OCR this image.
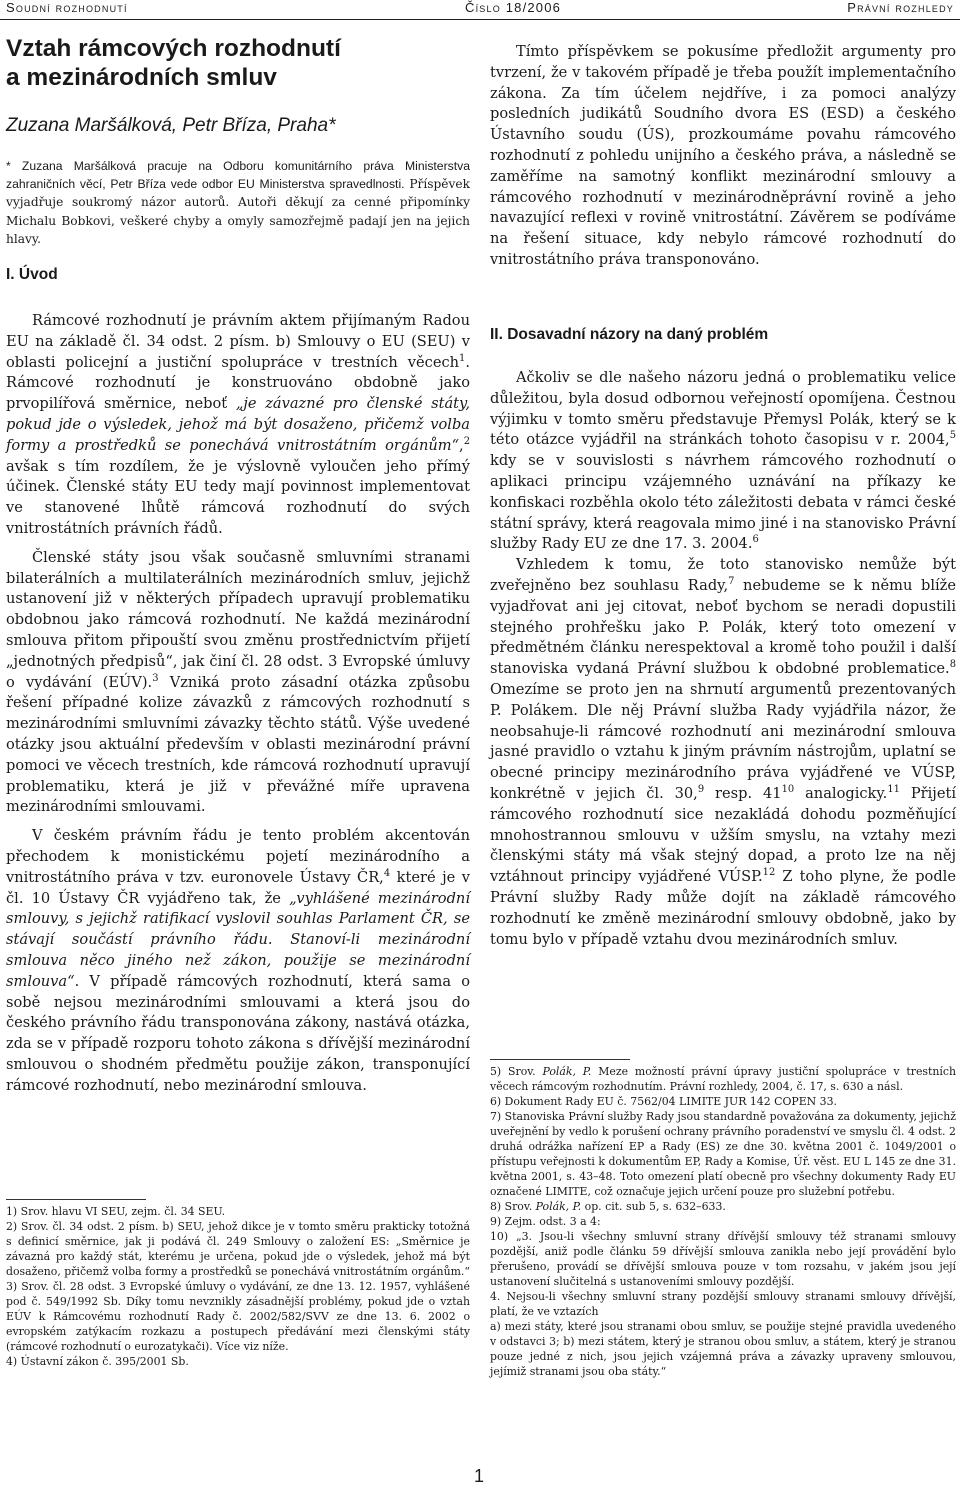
Soudní rozhodnutí	Číslo 18/2006	Právní rozhledy
Vztah rámcových rozhodnutí
a mezinárodních smluv
Zuzana Maršálková, Petr Bříza, Praha*
* Zuzana Maršálková pracuje na Odboru komunitárního práva Ministerstva zahraničních věcí, Petr Bříza vede odbor EU Ministerstva spravedlnosti. Příspěvek vyjadřuje soukromý názor autorů. Autoři děkují za cenné připomínky Michalu Bobkovi, veškeré chyby a omyly samozřejmě padají jen na jejich hlavy.
I. Úvod

Rámcové rozhodnutí je právním aktem přijímaným Radou EU na základě čl. 34 odst. 2 písm. b) Smlouvy o EU (SEU) v oblasti policejní a justiční spolupráce v trestních věcech$^1$. Rámcové rozhodnutí je konstruováno obdobně jako prvopilířová směrnice, neboť „je závazné pro členské státy, pokud jde o výsledek, jehož má být dosaženo, přičemž volba formy a prostředků se ponechává vnitrostátním orgánům“,$^2$ avšak s tím rozdílem, že je výslovně vyloučen jeho přímý účinek. Členské státy EU tedy mají povinnost implementovat ve stanovené lhůtě rámcová rozhodnutí do svých vnitrostátních právních řádů.

Členské státy jsou však současně smluvními stranami bilaterálních a multilaterálních mezinárodních smluv, jejichž ustanovení již v některých případech upravují problematiku obdobnou jako rámcová rozhodnutí. Ne každá mezinárodní smlouva přitom připouští svou změnu prostřednictvím přijetí „jednotných předpisů“, jak činí čl. 28 odst. 3 Evropské úmluvy o vydávání (EÚV).$^3$ Vzniká proto zásadní otázka způsobu řešení případné kolize závazků z rámcových rozhodnutí s mezinárodními smluvními závazky těchto států. Výše uvedené otázky jsou aktuální především v oblasti mezinárodní právní pomoci ve věcech trestních, kde rámcová rozhodnutí upravují problematiku, která je již v převážné míře upravena mezinárodními smlouvami.

V českém právním řádu je tento problém akcentován přechodem k monistickému pojetí mezinárodního a vnitrostátního práva v tzv. euronovele Ústavy ČR,$^4$ které je v čl. 10 Ústavy ČR vyjádřeno tak, že „vyhlášené mezinárodní smlouvy, s jejichž ratifikací vyslovil souhlas Parlament ČR, se stávají součástí právního řádu. Stanoví-li mezinárodní smlouva něco jiného než zákon, použije se mezinárodní smlouva“. V případě rámcových rozhodnutí, která sama o sobě nejsou mezinárodními smlouvami a která jsou do českého právního řádu transponována zákony, nastává otázka, zda se v případě rozporu tohoto zákona s dřívější mezinárodní smlouvou o shodném předmětu použije zákon, transponující rámcové rozhodnutí, nebo mezinárodní smlouva.

1) Srov. hlavu VI SEU, zejm. čl. 34 SEU.
2) Srov. čl. 34 odst. 2 písm. b) SEU, jehož dikce je v tomto směru prakticky totožná s definicí směrnice, jak ji podává čl. 249 Smlouvy o založení ES: „Směrnice je závazná pro každý stát, kterému je určena, pokud jde o výsledek, jehož má být dosaženo, přičemž volba formy a prostředků se ponechává vnitrostátním orgánům.“
3) Srov. čl. 28 odst. 3 Evropské úmluvy o vydávání, ze dne 13. 12. 1957, vyhlášené pod č. 549/1992 Sb. Díky tomu nevznikly zásadnější problémy, pokud jde o vztah EÚV k Rámcovému rozhodnutí Rady č. 2002/582/SVV ze dne 13. 6. 2002 o evropském zatýkacím rozkazu a postupech předávání mezi členskými státy (rámcové rozhodnutí o eurozatykači). Více viz níže.
4) Ústavní zákon č. 395/2001 Sb.

Tímto příspěvkem se pokusíme předložit argumenty pro tvrzení, že v takovém případě je třeba použít implementačního zákona. Za tím účelem nejdříve, i za pomoci analýzy posledních judikátů Soudního dvora ES (ESD) a českého Ústavního soudu (ÚS), prozkoumáme povahu rámcového rozhodnutí z pohledu unijního a českého práva, a následně se zaměříme na samotný konflikt mezinárodní smlouvy a rámcového rozhodnutí v mezinárodněprávní rovině a jeho navazující reflexi v rovině vnitrostátní. Závěrem se podíváme na řešení situace, kdy nebylo rámcové rozhodnutí do vnitrostátního práva transponováno.

II. Dosavadní názory na daný problém

Ačkoliv se dle našeho názoru jedná o problematiku velice důležitou, byla dosud odbornou veřejností opomíjena. Čestnou výjimku v tomto směru představuje Přemysl Polák, který se k této otázce vyjádřil na stránkách tohoto časopisu v r. 2004,$^5$ kdy se v souvislosti s návrhem rámcového rozhodnutí o aplikaci principu vzájemného uznávání na příkazy ke konfiskaci rozběhla okolo této záležitosti debata v rámci české státní správy, která reagovala mimo jiné i na stanovisko Právní služby Rady EU ze dne 17. 3. 2004.$^6$

Vzhledem k tomu, že toto stanovisko nemůže být zveřejněno bez souhlasu Rady,$^7$ nebudeme se k němu blíže vyjadřovat ani jej citovat, neboť bychom se neradi dopustili stejného prohřešku jako P. Polák, který toto omezení v předmětném článku nerespektoval a kromě toho použil i další stanoviska vydaná Právní službou k obdobné problematice.$^8$ Omezíme se proto jen na shrnutí argumentů prezentovaných P. Polákem. Dle něj Právní služba Rady vyjádřila názor, že neobsahuje-li rámcové rozhodnutí ani mezinárodní smlouva jasné pravidlo o vztahu k jiným právním nástrojům, uplatní se obecné principy mezinárodního práva vyjádřené ve VÚSP, konkrétně v jejich čl. 30,$^9$ resp. $41^{10}$ analogicky.$^{11}$ Přijetí rámcového rozhodnutí sice nezakládá dohodu pozměňující mnohostrannou smlouvu v užším smyslu, na vztahy mezi členskými státy má však stejný dopad, a proto lze na něj vztáhnout principy vyjádřené VÚSP.$^{12}$ Z toho plyne, že podle Právní služby Rady může dojít na základě rámcového rozhodnutí ke změně mezinárodní smlouvy obdobně, jako by tomu bylo v případě vztahu dvou mezinárodních smluv.

5) Srov. Polák, P. Meze možností právní úpravy justiční spolupráce v trestních věcech rámcovým rozhodnutím. Právní rozhledy, 2004, č. 17, s. 630 a násl.
6) Dokument Rady EU č. 7562/04 LIMITE JUR 142 COPEN 33.
7) Stanoviska Právní služby Rady jsou standardně považována za dokumenty, jejichž uveřejnění by vedlo k porušení ochrany právního poradenství ve smyslu čl. 4 odst. 2 druhá odrážka nařízení EP a Rady (ES) ze dne 30. května 2001 č. 1049/2001 o přístupu veřejnosti k dokumentům EP, Rady a Komise, Úř. věst. EU L 145 ze dne 31. května 2001, s. 43–48. Toto omezení platí obecně pro všechny dokumenty Rady EU označené LIMITE, což označuje jejich určení pouze pro služební potřebu.
8) Srov. Polák, P. op. cit. sub 5, s. 632–633.
9) Zejm. odst. 3 a 4:
10) „3. Jsou-li všechny smluvní strany dřívější smlouvy též stranami smlouvy pozdější, aniž podle článku 59 dřívější smlouva zanikla nebo její provádění bylo přerušeno, provádí se dřívější smlouva pouze v tom rozsahu, v jakém jsou její ustanovení slučitelná s ustanoveními smlouvy pozdější.
4. Nejsou-li všechny smluvní strany pozdější smlouvy stranami smlouvy dřívější, platí, že ve vztazích
a) mezi státy, které jsou stranami obou smluv, se použije stejné pravidla uvedeného v odstavci 3; b) mezi státem, který je stranou obou smluv, a státem, který je stranou pouze jedné z nich, jsou jejich vzájemná práva a závazky upraveny smlouvou, jejímiž stranami jsou oba státy.“
1
